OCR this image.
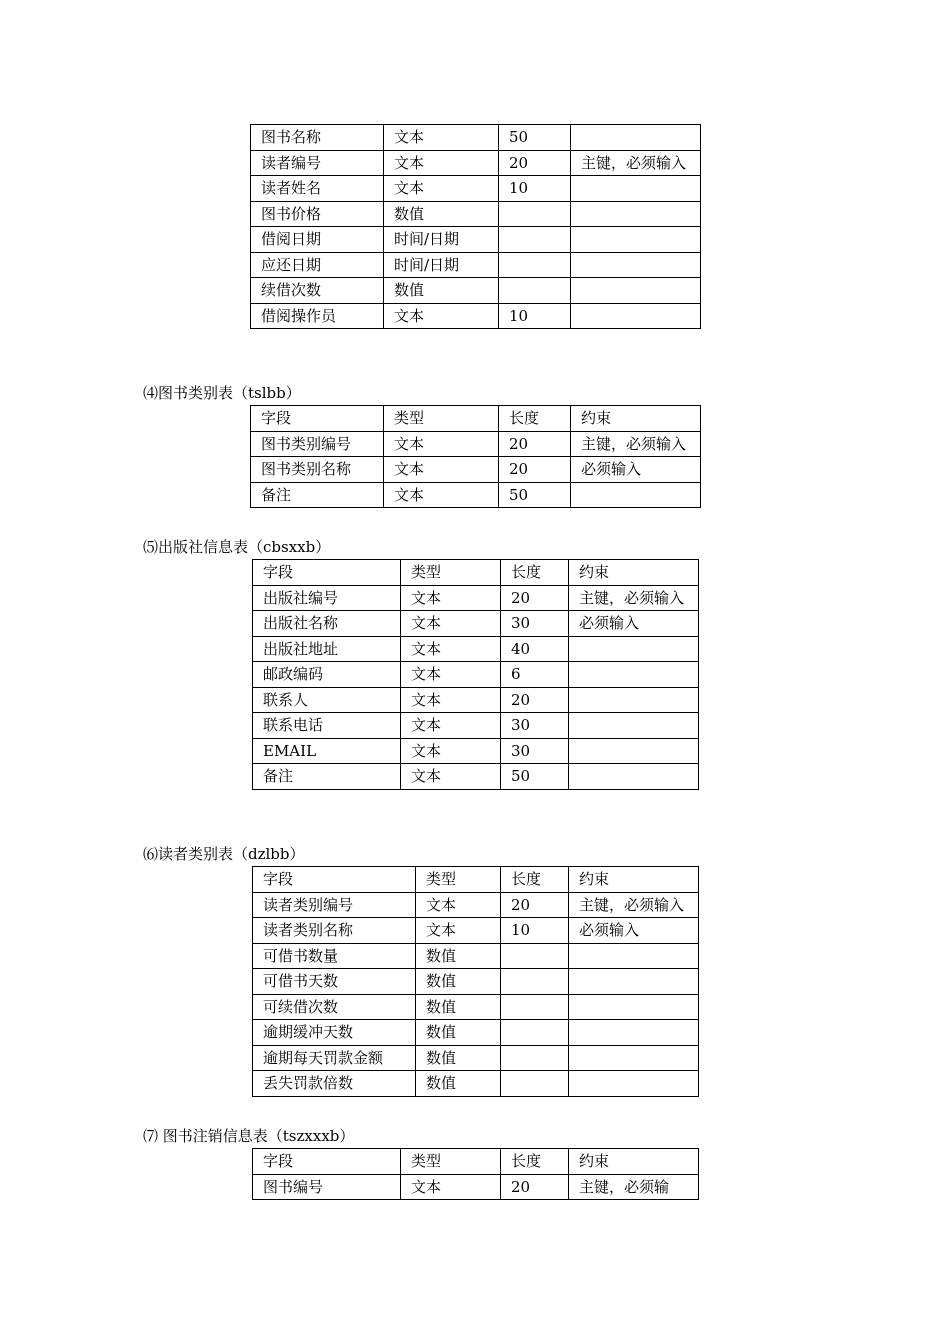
图书名称	文本	50	
读者编号	文本	20	主键，必须输入
读者姓名	文本	10	
图书价格	数值		
借阅日期	时间/日期		
应还日期	时间/日期		
续借次数	数值		
借阅操作员	文本	10	
⑷图书类别表（tslbb）
字段	类型	长度	约束
图书类别编号	文本	20	主键，必须输入
图书类别名称	文本	20	必须输入
备注	文本	50	
⑸出版社信息表（cbsxxb）
字段	类型	长度	约束
出版社编号	文本	20	主键，必须输入
出版社名称	文本	30	必须输入
出版社地址	文本	40	
邮政编码	文本	6	
联系人	文本	20	
联系电话	文本	30	
EMAIL	文本	30	
备注	文本	50	
⑹读者类别表（dzlbb）
字段	类型	长度	约束
读者类别编号	文本	20	主键，必须输入
读者类别名称	文本	10	必须输入
可借书数量	数值		
可借书天数	数值		
可续借次数	数值		
逾期缓冲天数	数值		
逾期每天罚款金额	数值		
丢失罚款倍数	数值		
⑺ 图书注销信息表（tszxxxb）
字段	类型	长度	约束
图书编号	文本	20	主键，必须输
